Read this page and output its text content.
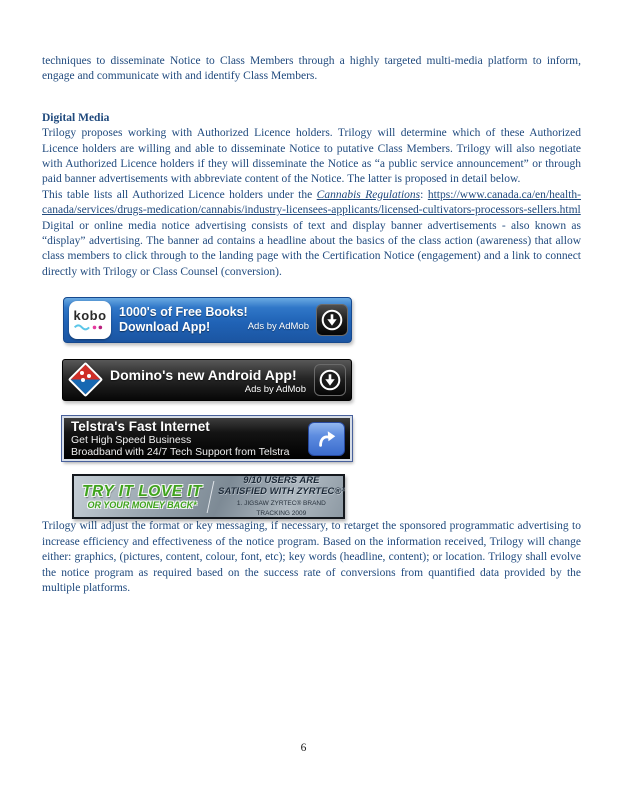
techniques to disseminate Notice to Class Members through a highly targeted multi-media platform to inform, engage and communicate with and identify Class Members.

Digital Media

Trilogy proposes working with Authorized Licence holders. Trilogy will determine which of these Authorized Licence holders are willing and able to disseminate Notice to putative Class Members. Trilogy will also negotiate with Authorized Licence holders if they will disseminate the Notice as “a public service announcement” or through paid banner advertisements with abbreviate content of the Notice. The latter is proposed in detail below.

This table lists all Authorized Licence holders under the Cannabis Regulations: https://www.canada.ca/en/health-canada/services/drugs-medication/cannabis/industry-licensees-applicants/licensed-cultivators-processors-sellers.html

Digital or online media notice advertising consists of text and display banner advertisements - also known as “display” advertising. The banner ad contains a headline about the basics of the class action (awareness) that allow class members to click through to the landing page with the Certification Notice (engagement) and a link to connect directly with Trilogy or Class Counsel (conversion).

kobo 1000's of Free Books!
Download App!	Ads by AdMob
Domino's new Android App!
Ads by AdMob
Telstra's Fast Internet
Get High Speed Business
Broadband with 24/7 Tech Support from Telstra
TRY IT LOVE IT
OR YOUR MONEY BACK*
9/10 USERS ARE
SATISFIED WITH ZYRTEC®¹
1. JIGSAW ZYRTEC® BRAND
TRACKING 2009

Trilogy will adjust the format or key messaging, if necessary, to retarget the sponsored programmatic advertising to increase efficiency and effectiveness of the notice program. Based on the information received, Trilogy will change either: graphics, (pictures, content, colour, font, etc); key words (headline, content); or location. Trilogy shall evolve the notice program as required based on the success rate of conversions from quantified data provided by the multiple platforms.

6
